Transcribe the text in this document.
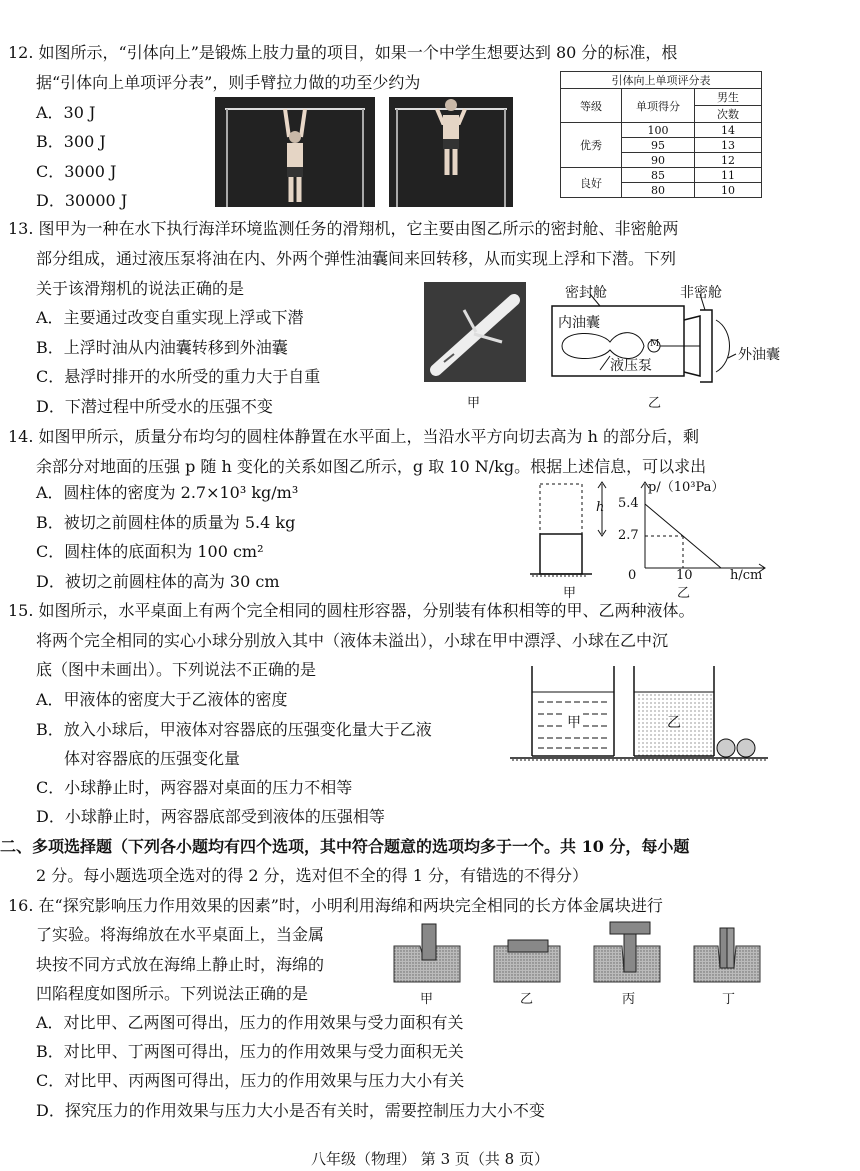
12. 如图所示，“引体向上”是锻炼上肢力量的项目，如果一个中学生想要达到 80 分的标准，根
据“引体向上单项评分表”，则手臂拉力做的功至少约为
A．30 J
B．300 J
C．3000 J
D．30000 J
引体向上单项评分表		
等级	单项得分	男生
		次数
优秀	100	14
	95	13
	90	12
良好	85	11
	80	10
13. 图甲为一种在水下执行海洋环境监测任务的滑翔机，它主要由图乙所示的密封舱、非密舱两
部分组成，通过液压泵将油在内、外两个弹性油囊间来回转移，从而实现上浮和下潜。下列
关于该滑翔机的说法正确的是
A．主要通过改变自重实现上浮或下潜
B．上浮时油从内油囊转移到外油囊
C．悬浮时排开的水所受的重力大于自重
D．下潜过程中所受水的压强不变	甲
密封舱	非密舱
内油囊
液压泵
M
外油囊
乙
14. 如图甲所示，质量分布均匀的圆柱体静置在水平面上，当沿水平方向切去高为 h 的部分后，剩
余部分对地面的压强 p 随 h 变化的关系如图乙所示，g 取 10 N/kg。根据上述信息，可以求出
A．圆柱体的密度为 2.7×10³ kg/m³
B．被切之前圆柱体的质量为 5.4 kg
C．圆柱体的底面积为 100 cm²
D．被切之前圆柱体的高为 30 cm
h
甲
p/（10³Pa）
5.4
2.7
0	10	h/cm
乙
15. 如图所示，水平桌面上有两个完全相同的圆柱形容器，分别装有体积相等的甲、乙两种液体。
将两个完全相同的实心小球分别放入其中（液体未溢出），小球在甲中漂浮、小球在乙中沉
底（图中未画出）。下列说法不正确的是
A．甲液体的密度大于乙液体的密度
B．放入小球后，甲液体对容器底的压强变化量大于乙液
体对容器底的压强变化量
C．小球静止时，两容器对桌面的压力不相等
D．小球静止时，两容器底部受到液体的压强相等
甲	乙
二、多项选择题（下列各小题均有四个选项，其中符合题意的选项均多于一个。共 10 分，每小题
2 分。每小题选项全选对的得 2 分，选对但不全的得 1 分，有错选的不得分）
16. 在“探究影响压力作用效果的因素”时，小明利用海绵和两块完全相同的长方体金属块进行
了实验。将海绵放在水平桌面上，当金属
块按不同方式放在海绵上静止时，海绵的
凹陷程度如图所示。下列说法正确的是
A．对比甲、乙两图可得出，压力的作用效果与受力面积有关
B．对比甲、丁两图可得出，压力的作用效果与受力面积无关
C．对比甲、丙两图可得出，压力的作用效果与压力大小有关
D．探究压力的作用效果与压力大小是否有关时，需要控制压力大小不变
甲	乙	丙	丁
八年级（物理） 第 3 页（共 8 页）
